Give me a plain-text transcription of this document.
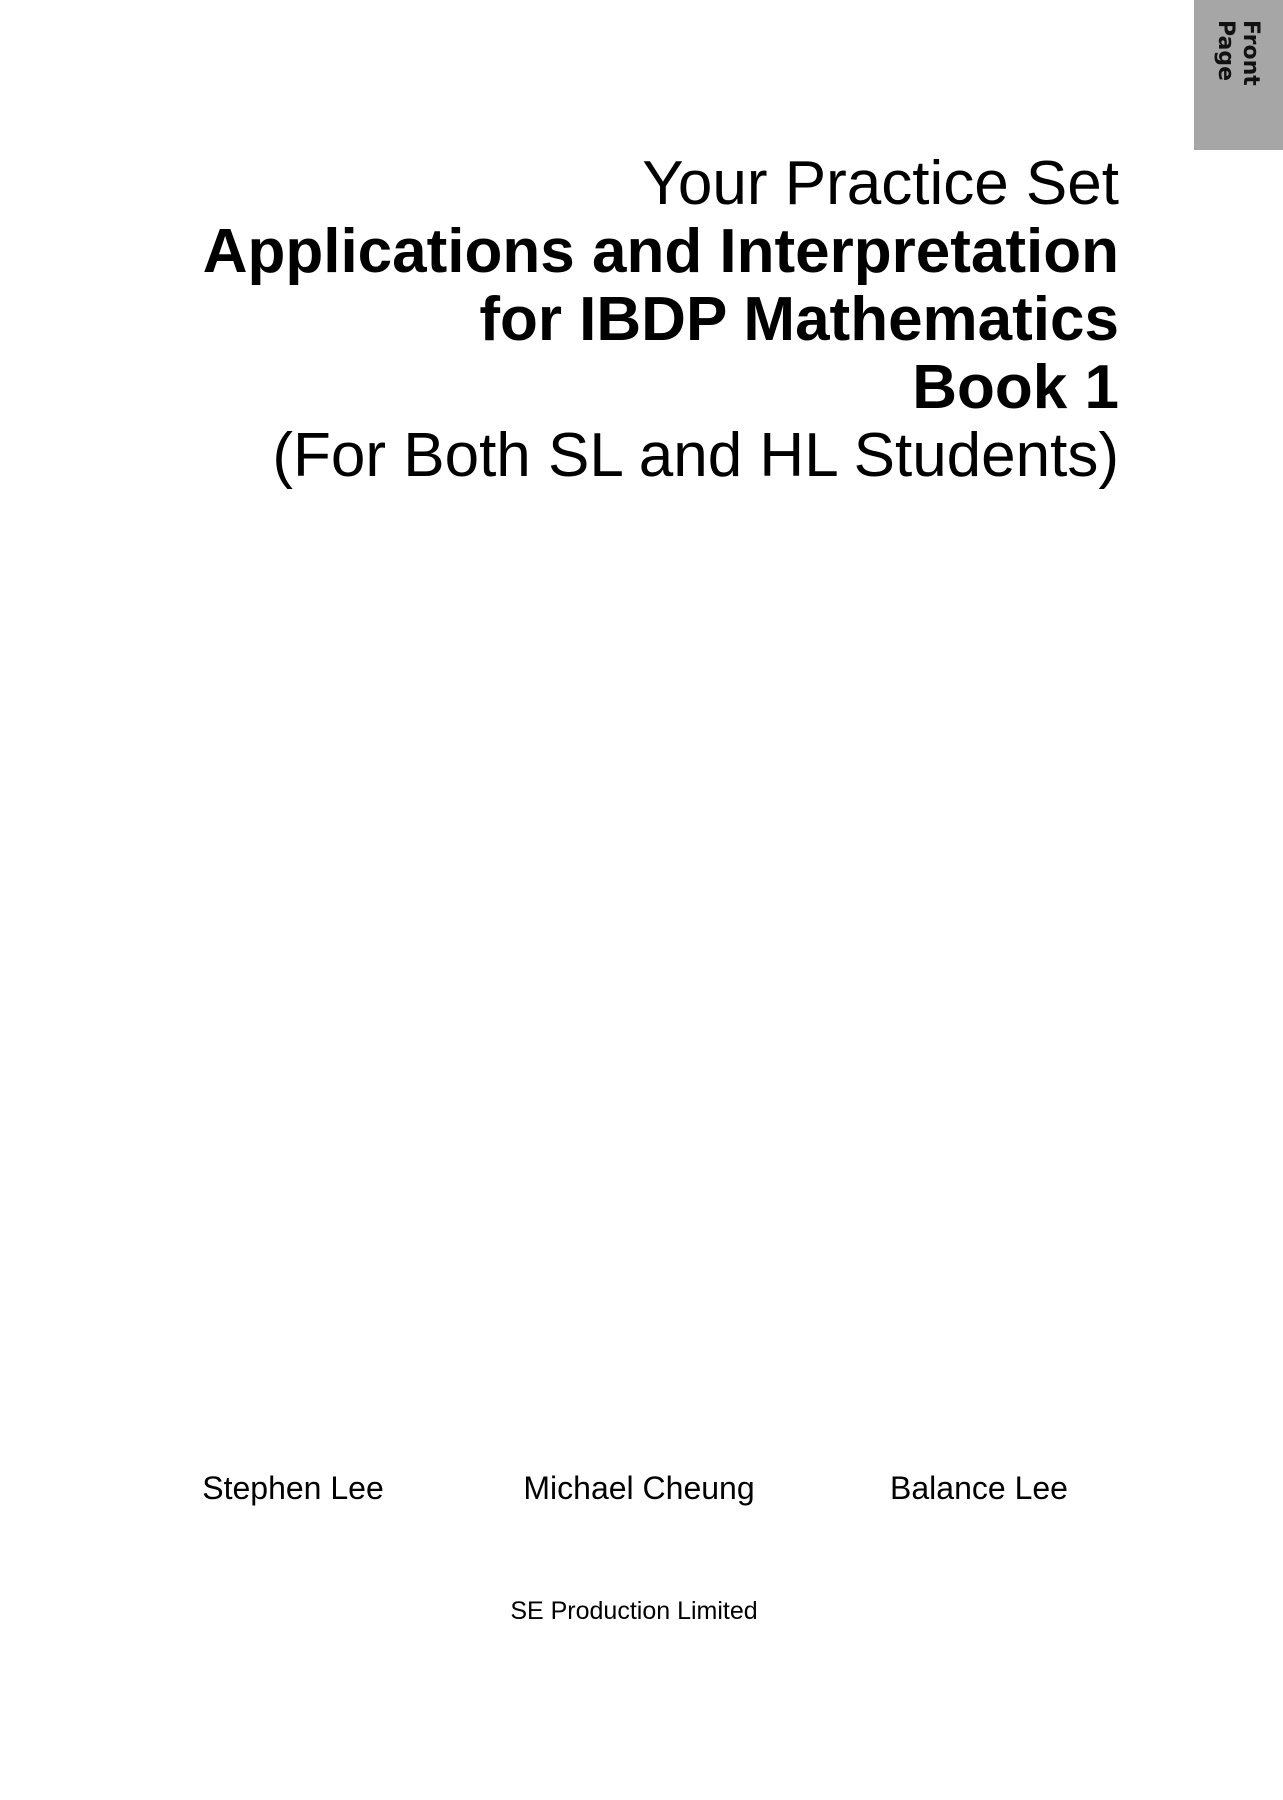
Front Page
Your Practice Set
Applications and Interpretation
for IBDP Mathematics
Book 1
(For Both SL and HL Students)
Stephen Lee	Michael Cheung	Balance Lee
SE Production Limited
